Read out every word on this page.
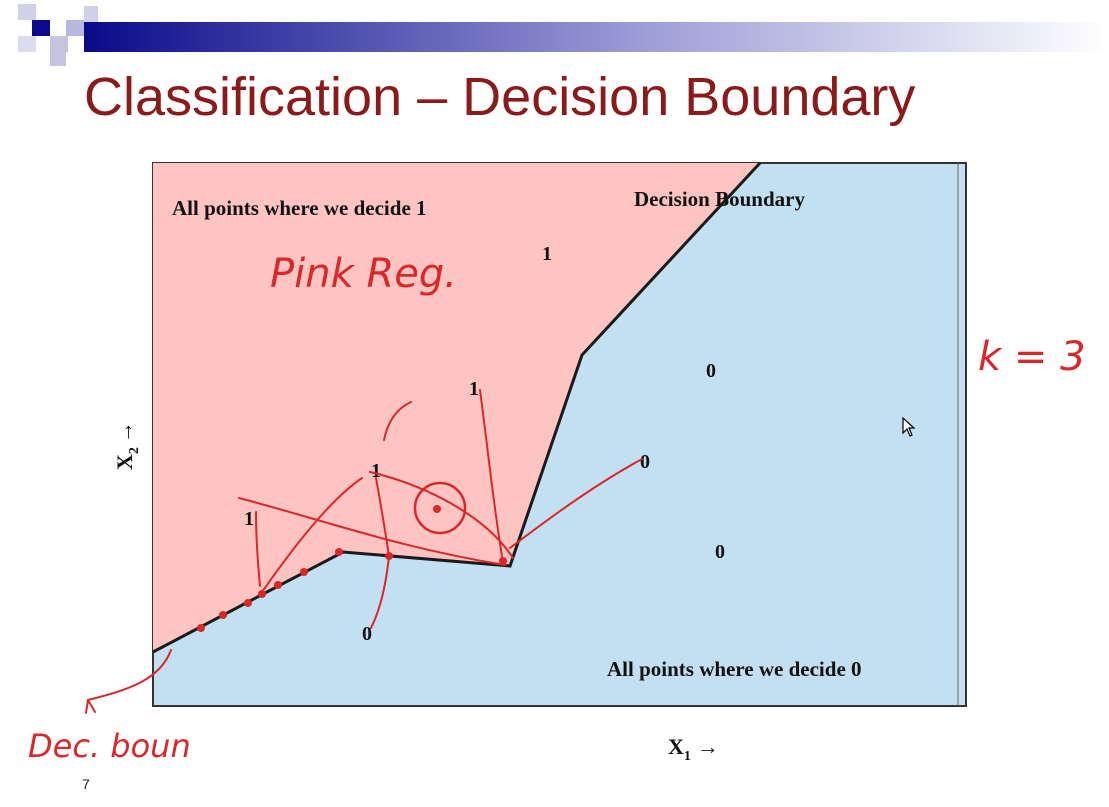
Classification – Decision Boundary
All points where we decide 1	Decision Boundary
All points where we decide 0
1
1
1
1
0
0
0
0
$X_2\to$
$X_1$ →
Pink Reg.
k = 3
Dec. boun
7
